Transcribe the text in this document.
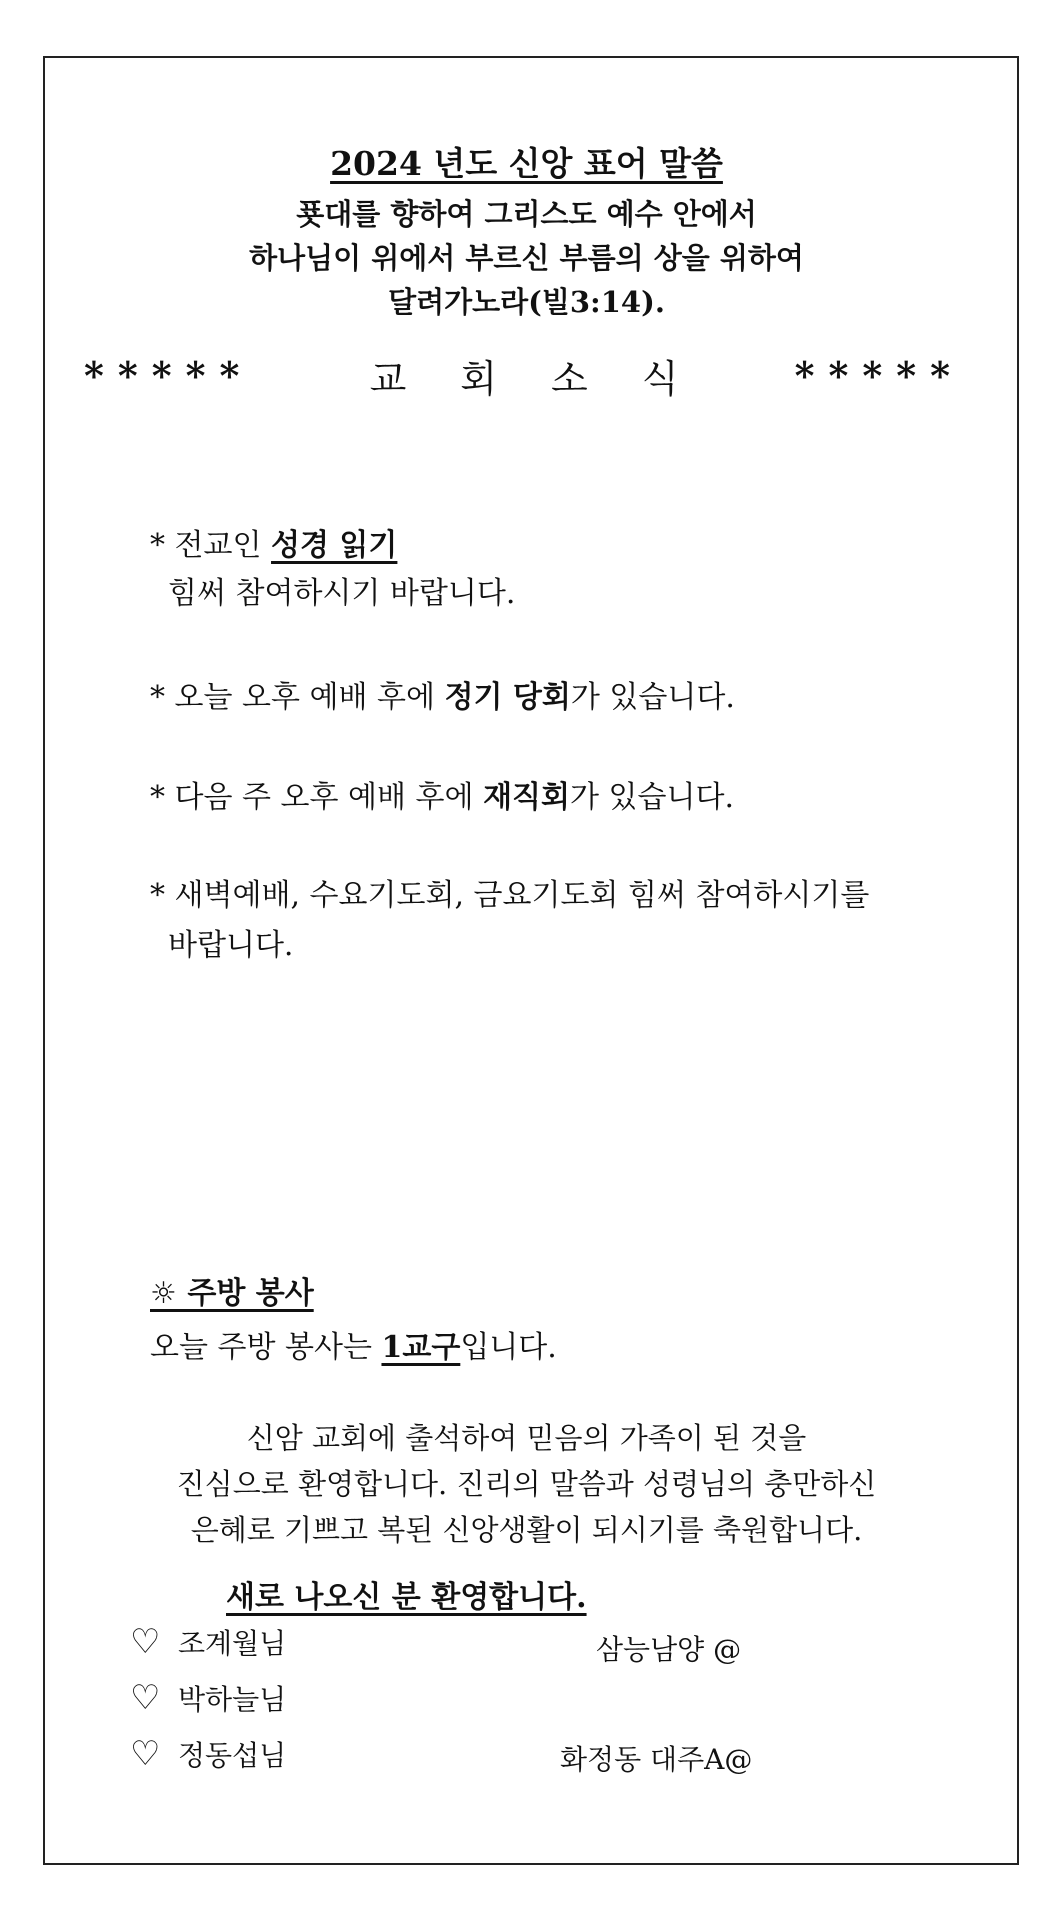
2024 년도 신앙 표어 말씀
푯대를 향하여 그리스도 예수 안에서
하나님이 위에서 부르신 부름의 상을 위하여
달려가노라(빌3:14).
*****	교 회 소 식	*****
* 전교인 성경 읽기
힘써 참여하시기 바랍니다.
* 오늘 오후 예배 후에 정기 당회가 있습니다.
* 다음 주 오후 예배 후에 재직회가 있습니다.
* 새벽예배, 수요기도회, 금요기도회 힘써 참여하시기를
바랍니다.
☼ 주방 봉사
오늘 주방 봉사는 1교구입니다.
신암 교회에 출석하여 믿음의 가족이 된 것을
진심으로 환영합니다. 진리의 말씀과 성령님의 충만하신
은혜로 기쁘고 복된 신앙생활이 되시기를 축원합니다.
새로 나오신 분 환영합니다.
♡ 조계월님	삼능남양 @
♡ 박하늘님
♡ 정동섭님	화정동 대주A@
